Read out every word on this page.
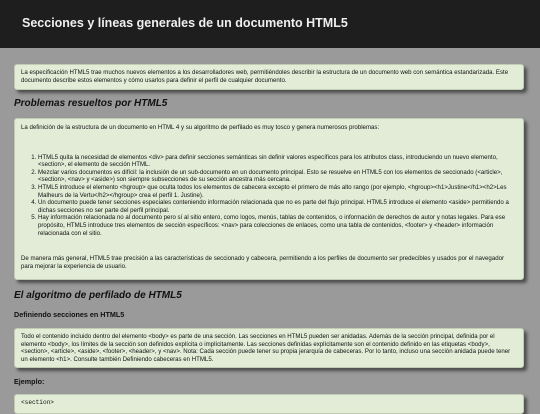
Secciones y líneas generales de un documento HTML5

La especificación HTML5 trae muchos nuevos elementos a los desarrolladores web, permitiéndoles describir la estructura de un documento web con semántica estandarizada. Este documento describe estos elementos y cómo usarlos para definir el perfil de cualquier documento.

Problemas resueltos por HTML5

La definición de la estructura de un documento en HTML 4 y su algoritmo de perfilado es muy tosco y genera numerosos problemas:

1. HTML5 quita la necesidad de elementos <div> para definir secciones semánticas sin definir valores específicos para los atributos class, introduciendo un nuevo elemento, <section>, el elemento de sección HTML.
2. Mezclar varios documentos es difícil: la inclusión de un sub-documento en un documento principal. Esto se resuelve en HTML5 con los elementos de seccionado (<article>, <section>, <nav> y <aside>) son siempre subsecciones de su sección ancestra más cercana.
3. HTML5 introduce el elemento <hgroup> que oculta todos los elementos de cabecera excepto el primero de más alto rango (por ejemplo, <hgroup><h1>Justine</h1><h2>Les Malheurs de la Vertu</h2></hgroup> crea el perfil 1. Justine).
4. Un documento puede tener secciones especiales conteniendo información relacionada que no es parte del flujo principal. HTML5 introduce el elemento <aside> permitiendo a dichas secciones no ser parte del perfil principal.
5. Hay información relacionada no al documento pero sí al sitio entero, como logos, menús, tablas de contenidos, o información de derechos de autor y notas legales. Para ese propósito, HTML5 introduce tres elementos de sección específicos: <nav> para colecciones de enlaces, como una tabla de contenidos, <footer> y <header> información relacionada con el sitio.

De manera más general, HTML5 trae precisión a las características de seccionado y cabecera, permitiendo a los perfiles de documento ser predecibles y usados por el navegador para mejorar la experiencia de usuario.

El algoritmo de perfilado de HTML5
Definiendo secciones en HTML5

Todo el contenido incluido dentro del elemento <body> es parte de una sección. Las secciones en HTML5 pueden ser anidadas. Además de la sección principal, definida por el elemento <body>, los límites de la sección son definidos explícita o implícitamente. Las secciones definidas explícitamente son el contenido definido en las etiquetas <body>, <section>, <article>, <aside>, <footer>, <header>, y <nav>. Nota: Cada sección puede tener su propia jerarquía de cabeceras. Por lo tanto, incluso una sección anidada puede tener un elemento <h1>. Consulte también Definiendo cabeceras en HTML5.

Ejemplo:

<section>
